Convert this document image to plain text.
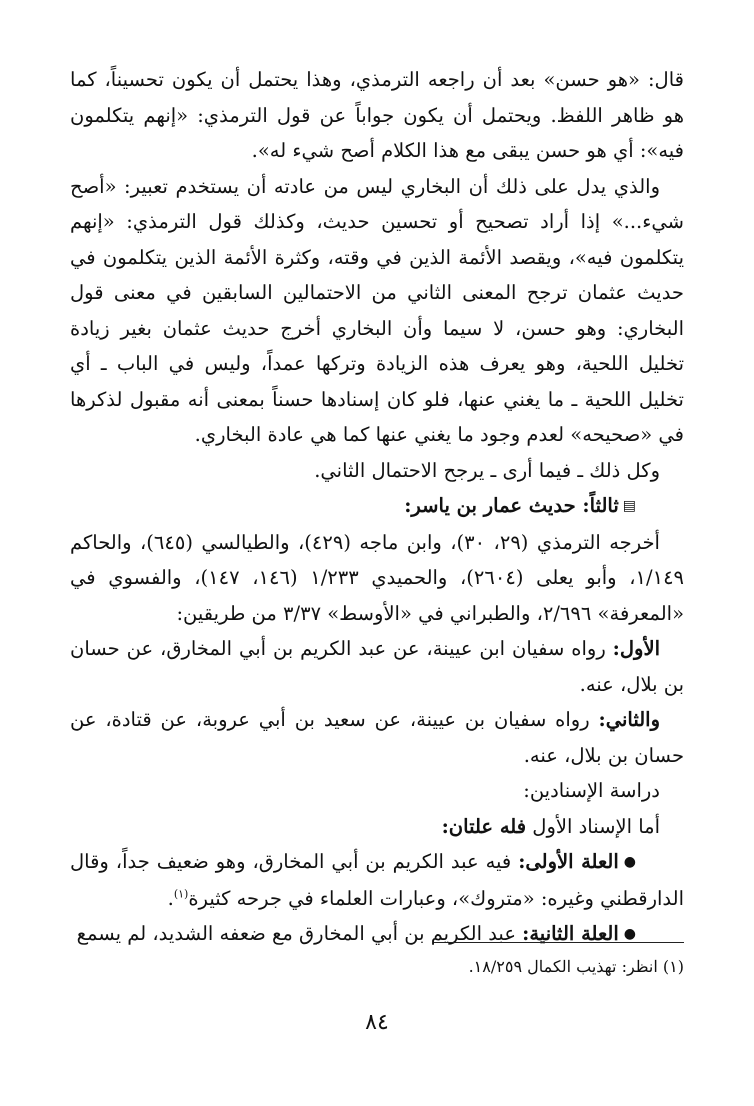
قال: «هو حسن» بعد أن راجعه الترمذي، وهذا يحتمل أن يكون تحسيناً، كما هو ظاهر اللفظ. ويحتمل أن يكون جواباً عن قول الترمذي: «إنهم يتكلمون فيه»: أي هو حسن يبقى مع هذا الكلام أصح شيء له».

والذي يدل على ذلك أن البخاري ليس من عادته أن يستخدم تعبير: «أصح شيء...» إذا أراد تصحيح أو تحسين حديث، وكذلك قول الترمذي: «إنهم يتكلمون فيه»، ويقصد الأئمة الذين في وقته، وكثرة الأئمة الذين يتكلمون في حديث عثمان ترجح المعنى الثاني من الاحتمالين السابقين في معنى قول البخاري: وهو حسن، لا سيما وأن البخاري أخرج حديث عثمان بغير زيادة تخليل اللحية، وهو يعرف هذه الزيادة وتركها عمداً، وليس في الباب ـ أي تخليل اللحية ـ ما يغني عنها، فلو كان إسنادها حسناً بمعنى أنه مقبول لذكرها في «صحيحه» لعدم وجود ما يغني عنها كما هي عادة البخاري.

وكل ذلك ـ فيما أرى ـ يرجح الاحتمال الثاني.

▤ثالثاً: حديث عمار بن ياسر:

أخرجه الترمذي (٢٩، ٣٠)، وابن ماجه (٤٢٩)، والطيالسي (٦٤٥)، والحاكم ١/١٤٩، وأبو يعلى (٢٦٠٤)، والحميدي ١/٢٣٣ (١٤٦، ١٤٧)، والفسوي في «المعرفة» ٢/٦٩٦، والطبراني في «الأوسط» ٣/٣٧ من طريقين:

الأول: رواه سفيان ابن عيينة، عن عبد الكريم بن أبي المخارق، عن حسان بن بلال، عنه.

والثاني: رواه سفيان بن عيينة، عن سعيد بن أبي عروبة، عن قتادة، عن حسان بن بلال، عنه.

دراسة الإسنادين:

أما الإسناد الأول فله علتان:

●العلة الأولى: فيه عبد الكريم بن أبي المخارق، وهو ضعيف جداً، وقال الدارقطني وغيره: «متروك»، وعبارات العلماء في جرحه كثيرة$^{(١)}$.

●العلة الثانية: عبد الكريم بن أبي المخارق مع ضعفه الشديد، لم يسمع

(١) انظر: تهذيب الكمال ١٨/٢٥٩.
٨٤
